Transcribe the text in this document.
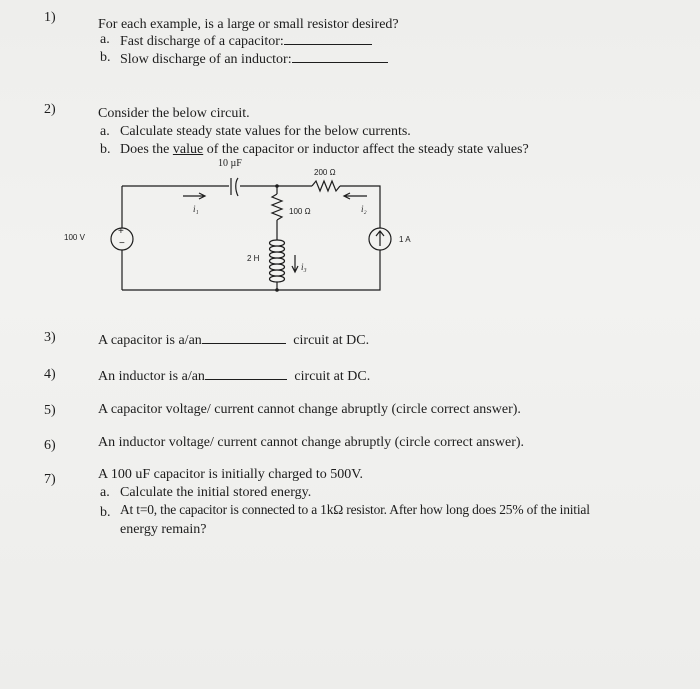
1)	For each example, is a large or small resistor desired?
a. Fast discharge of a capacitor:
b. Slow discharge of an inductor:
2)	Consider the below circuit.
a. Calculate steady state values for the below currents.
b. Does the value of the capacitor or inductor affect the steady state values?
10 µF
200 Ω
100 Ω
100 V	1 A
2 H
i₁	i₂
i₃
+
−
3)	A capacitor is a/an	circuit at DC.
4)	An inductor is a/an	circuit at DC.
5)	A capacitor voltage/ current cannot change abruptly (circle correct answer).
6)	An inductor voltage/ current cannot change abruptly (circle correct answer).
7)	A 100 uF capacitor is initially charged to 500V.
a. Calculate the initial stored energy.
b. At t=0, the capacitor is connected to a 1kΩ resistor. After how long does 25% of the initial
energy remain?
